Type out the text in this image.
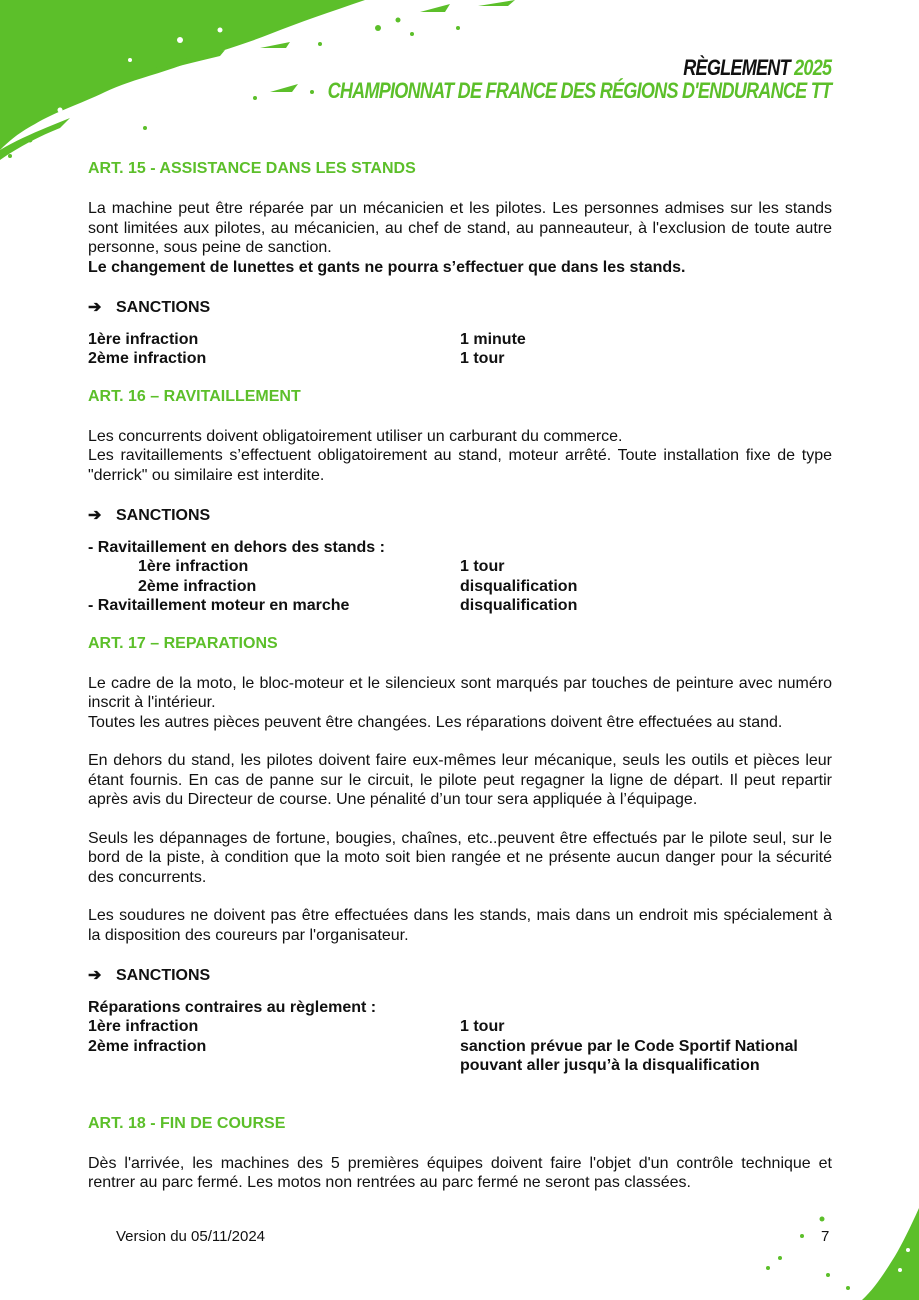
RÈGLEMENT 2025
CHAMPIONNAT DE FRANCE DES RÉGIONS D'ENDURANCE TT
ART. 15 - ASSISTANCE DANS LES STANDS

La machine peut être réparée par un mécanicien et les pilotes. Les personnes admises sur les stands sont limitées aux pilotes, au mécanicien, au chef de stand, au panneauteur, à l'exclusion de toute autre personne, sous peine de sanction.

Le changement de lunettes et gants ne pourra s’effectuer que dans les stands.

➔ SANCTIONS
1ère infraction	1 minute
2ème infraction	1 tour
ART. 16 – RAVITAILLEMENT

Les concurrents doivent obligatoirement utiliser un carburant du commerce.

Les ravitaillements s’effectuent obligatoirement au stand, moteur arrêté. Toute installation fixe de type "derrick" ou similaire est interdite.

➔ SANCTIONS
- Ravitaillement en dehors des stands :
1ère infraction	1 tour
2ème infraction	disqualification
- Ravitaillement moteur en marche	disqualification
ART. 17 – REPARATIONS

Le cadre de la moto, le bloc-moteur et le silencieux sont marqués par touches de peinture avec numéro inscrit à l'intérieur.

Toutes les autres pièces peuvent être changées. Les réparations doivent être effectuées au stand.

En dehors du stand, les pilotes doivent faire eux-mêmes leur mécanique, seuls les outils et pièces leur étant fournis. En cas de panne sur le circuit, le pilote peut regagner la ligne de départ. Il peut repartir après avis du Directeur de course. Une pénalité d’un tour sera appliquée à l’équipage.

Seuls les dépannages de fortune, bougies, chaînes, etc..peuvent être effectués par le pilote seul, sur le bord de la piste, à condition que la moto soit bien rangée et ne présente aucun danger pour la sécurité des concurrents.

Les soudures ne doivent pas être effectuées dans les stands, mais dans un endroit mis spécialement à la disposition des coureurs par l'organisateur.

➔ SANCTIONS
Réparations contraires au règlement :
1ère infraction	1 tour
2ème infraction	sanction prévue par le Code Sportif National
pouvant aller jusqu’à la disqualification
ART. 18 - FIN DE COURSE

Dès l'arrivée, les machines des 5 premières équipes doivent faire l'objet d'un contrôle technique et rentrer au parc fermé. Les motos non rentrées au parc fermé ne seront pas classées.

Version du 05/11/2024	7
